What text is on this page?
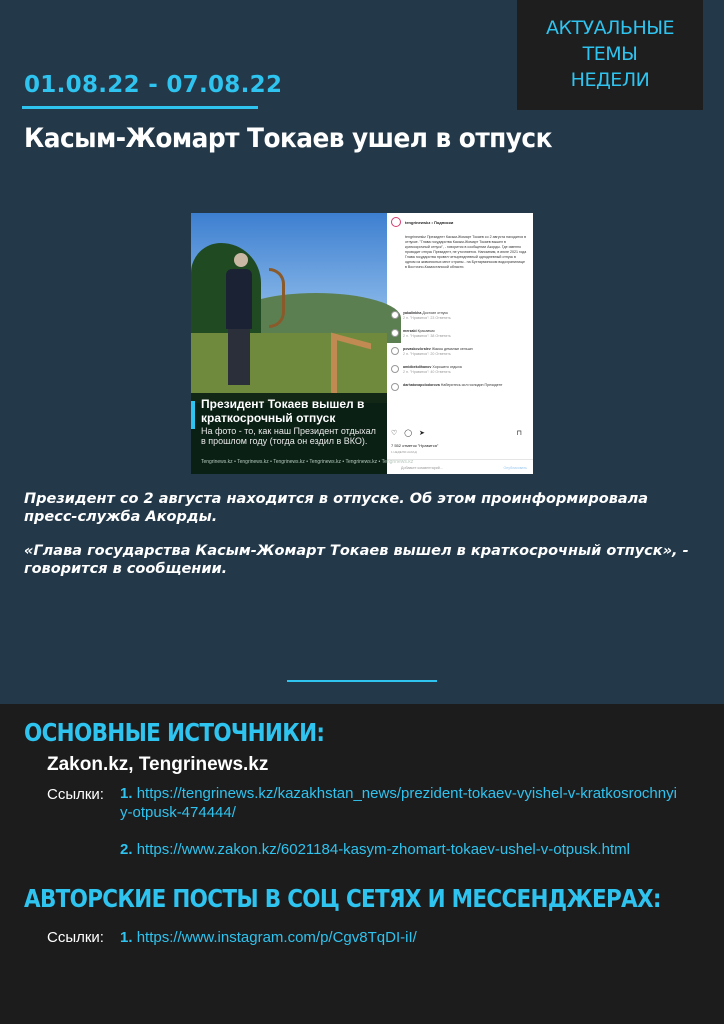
АКТУАЛЬНЫЕ ТЕМЫ
НЕДЕЛИ
01.08.22 - 07.08.22
Касым-Жомарт Токаев ушел в отпуск
Президент Токаев вышел в краткосрочный отпуск
На фото - то, как наш Президент отдыхал в прошлом году (тогда он ездил в ВКО).
Tengrinews.kz • Tengrinews.kz • Tengrinews.kz • Tengrinews.kz • Tengrinews.kz • Tengrinews.kz
tengrinewskz • Подписки
tengrinewskz Президент Касым-Жомарт Токаев со 2 августа находится в отпуске. "Глава государства Касым-Жомарт Токаев вышел в краткосрочный отпуск", - говорится в сообщении Акорды. Где именно проводит отпуск Президент, не уточняется. Напомним, в июле 2021 года Глава государства провел четырехдневный однодневный отпуск в одном из живописных мест страны - на Бухтарминском водохранилище в Восточно-Казахстанской области.
yakalinkha Достоин отпуск
2 н. "Нравится": 23 Ответить
merzabi Красавчик
2 н. "Нравится": 38 Ответить
povaskov.kralev Жаксы демалып кельшн
2 н. "Нравится": 20 Ответить
amidbekdihanov Хорошего отдыха
2 н. "Нравится": 40 Ответить
darhatovapolodorova Наберитесь сил господин Президент
♡ ◯ ➤	⊓
7 552 отметок "Нравится"
1 НЕДЕЛЯ НАЗАД
Добавьте комментарий...	Опубликовать

Президент со 2 августа находится в отпуске. Об этом проинформировала пресс-служба Акорды.

«Глава государства Касым-Жомарт Токаев вышел в краткосрочный отпуск», - говорится в сообщении.

ОСНОВНЫЕ ИСТОЧНИКИ:
Zakon.kz, Tengrinews.kz
Ссылки: 1. https://tengrinews.kz/kazakhstan_news/prezident-tokaev-vyishel-v-kratkosrochnyiy-otpusk-474444/
2. https://www.zakon.kz/6021184-kasym-zhomart-tokaev-ushel-v-otpusk.html
АВТОРСКИЕ ПОСТЫ В СОЦ СЕТЯХ И МЕССЕНДЖЕРАХ:
Ссылки: 1. https://www.instagram.com/p/Cgv8TqDI-iI/
